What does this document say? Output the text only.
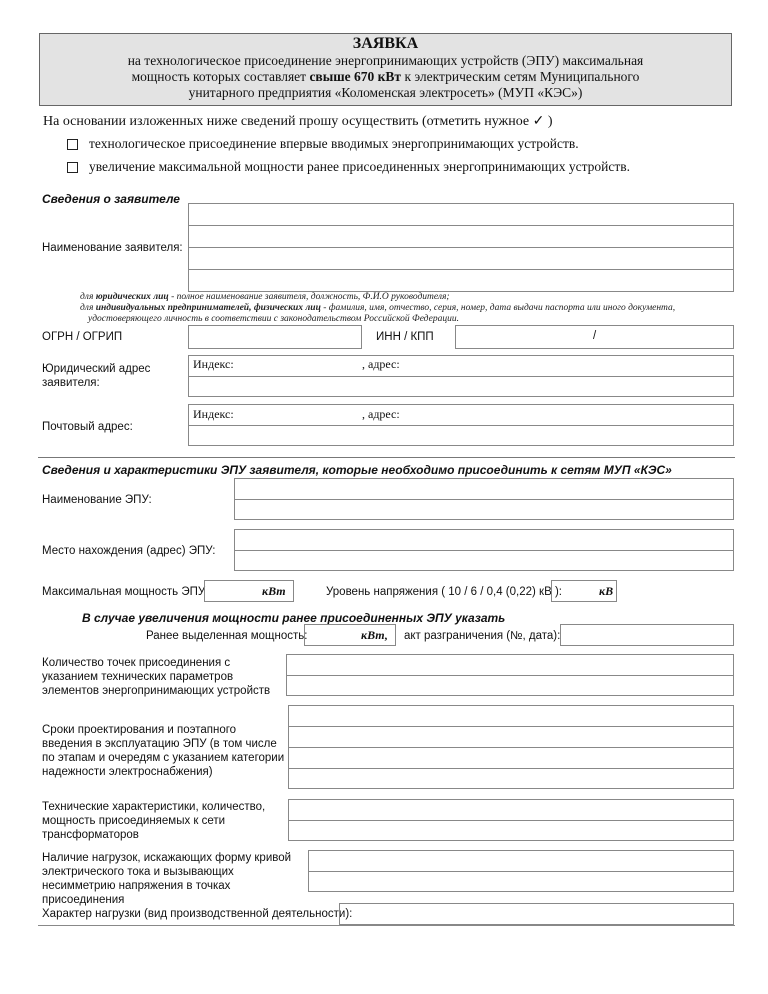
ЗАЯВКА
на технологическое присоединение энергопринимающих устройств (ЭПУ) максимальная
мощность которых составляет свыше 670 кВт к электрическим сетям Муниципального
унитарного предприятия «Коломенская электросеть» (МУП «КЭС»)
На основании изложенных ниже сведений прошу осуществить (отметить нужное ✓ )
технологическое присоединение впервые вводимых энергопринимающих устройств.
увеличение максимальной мощности ранее присоединенных энергопринимающих устройств.
Сведения о заявителе
Наименование заявителя:
для юридических лиц - полное наименование заявителя, должность, Ф.И.О руководителя;
для индивидуальных предпринимателей, физических лиц - фамилия, имя, отчество, серия, номер, дата выдачи паспорта или иного документа,
удостоверяющего личность в соответствии с законодательством Российской Федерации.
ОГРН / ОГРИП	ИНН / КПП	/
Юридический адрес заявителя:
Индекс:	, адрес:
Почтовый адрес:
Индекс:	, адрес:
Сведения и характеристики ЭПУ заявителя, которые необходимо присоединить к сетям МУП «КЭС»
Наименование ЭПУ:
Место нахождения (адрес) ЭПУ:
Максимальная мощность ЭПУ	кВт	Уровень напряжения ( 10 / 6 / 0,4 (0,22) кВ ):	кВ
В случае увеличения мощности ранее присоединенных ЭПУ указать
Ранее выделенная мощность:	кВт, акт разграничения (№, дата):
Количество точек присоединения с указанием технических параметров элементов энергопринимающих устройств
Сроки проектирования и поэтапного введения в эксплуатацию ЭПУ (в том числе по этапам и очередям с указанием категории надежности электроснабжения)
Технические характеристики, количество, мощность присоединяемых к сети трансформаторов
Наличие нагрузок, искажающих форму кривой электрического тока и вызывающих несимметрию напряжения в точках присоединения
Характер нагрузки (вид производственной деятельности):
